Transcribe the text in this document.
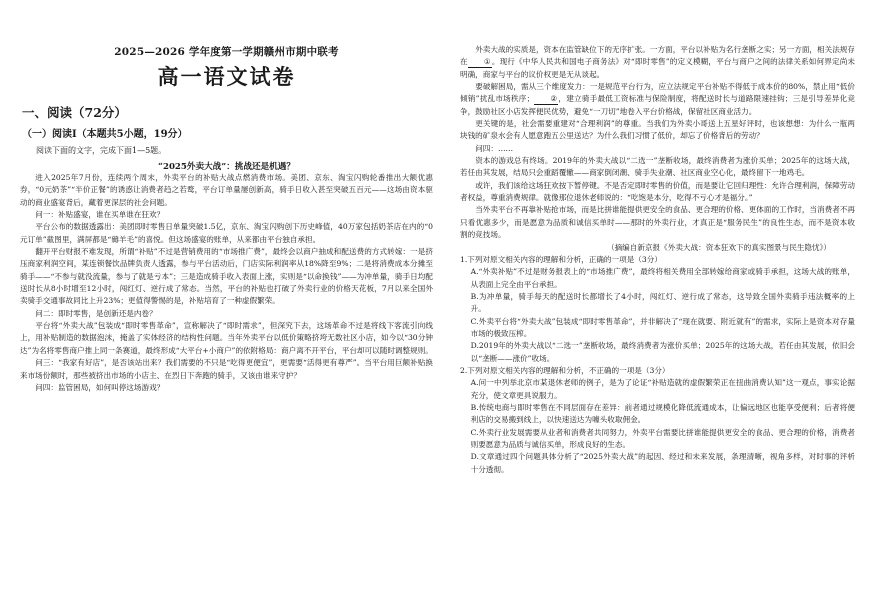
2025—2026 学年度第一学期赣州市期中联考
高一语文试卷
一、阅读（72分）
（一）阅读Ⅰ（本题共5小题，19分）
阅读下面的文字，完成下面1—5题。
“2025外卖大战”：挑战还是机遇？

进入2025年7月份，连续两个周末，外卖平台的补贴大战点燃消费市场。美团、京东、淘宝闪购轮番推出大额优惠券，“0元奶茶”“半价正餐”的诱惑让消费者趋之若鹜，平台订单量屡创新高，骑手日收入甚至突破五百元——这场由资本驱动的商业盛宴背后，藏着更深层的社会问题。

问一：补贴盛宴，谁在买单谁在狂欢？

平台公布的数据透露出：美团即时零售日单量突破1.5亿，京东、淘宝闪购创下历史峰值，40万家包括奶茶店在内的“0元订单”截图里，满屏都是“薅羊毛”的喜悦。但这场盛宴的账单，从来都由平台独自承担。

翻开平台财报不难发现，所谓“补贴”不过是营销费用的“市场推广费”，最终会以商户抽成和配送费的方式转嫁：一是挤压商家利润空间，某连锁餐饮品牌负责人透露，参与平台活动后，门店实际利润率从18%降至9%；二是将消费成本分摊至骑手——“不参与就没流量，参与了就是亏本”；三是造成骑手收入表面上涨，实则是“以命换钱”——为冲单量，骑手日均配送时长从8小时增至12小时，闯红灯、逆行成了常态。当然，平台的补贴也打破了外卖行业的价格天花板，7月以来全国外卖骑手交通事故同比上升23%；更值得警惕的是，补贴培育了一种虚假繁荣。

问二：即时零售，是创新还是内卷？

平台将“外卖大战”包装成“即时零售革命”，宣称解决了“即时需求”，但深究下去，这场革命不过是将线下客流引向线上，用补贴制造的数据泡沫，掩盖了实体经济的结构性问题。当年外卖平台以低价策略挤垮无数社区小店，如今以“30分钟达”为名将零售商户推上同一条赛道，最终形成“大平台+小商户”的依附格局：商户离不开平台，平台却可以随时调整规则。

问三：“我家有好店”，是否该站出来？我们需要的不只是“吃得更便宜”，更需要“活得更有尊严”。当平台用巨额补贴换来市场份额时，那些被挤出市场的小店主、在烈日下奔跑的骑手，又该由谁来守护？

问四：监管困局，如何叫停这场游戏？

外卖大战的实质是，资本在监管缺位下的无序扩张。一方面，平台以补贴为名行垄断之实；另一方面，相关法规存在 ①。现行《中华人民共和国电子商务法》对“即时零售”的定义模糊，平台与商户之间的法律关系如何界定尚未明确，商家与平台的议价权更是无从谈起。

要破解困局，需从三个维度发力：一是规范平台行为，应立法规定平台补贴不得低于成本价的80%，禁止用“低价倾销”扰乱市场秩序； ②，建立骑手最低工资标准与保险制度，将配送时长与道路限速挂钩；三是引导差异化竞争，鼓励社区小店发挥便民优势，避免“一刀切”地卷入平台价格战，保留社区商业活力。

更关键的是，社会需要重建对“合理利润”的尊重。当我们为外卖小哥送上五星好评时，也该想想：为什么一瓶两块钱的矿泉水会有人愿意跑五公里送达？为什么我们习惯了低价，却忘了价格背后的劳动？

问四：……

资本的游戏总有终场。2019年的外卖大战以“二选一”垄断收场，最终消费者为涨价买单；2025年的这场大战，若任由其发展，结局只会重蹈覆辙——商家倒闭潮、骑手失业潮、社区商业空心化，最终留下一地鸡毛。

或许，我们该给这场狂欢按下暂停键。不是否定即时零售的价值，而是要让它回归理性：允许合理利润，保障劳动者权益，尊重消费规律。就像那位退休老师说的：“吃饱是本分，吃得不亏心才是福分。”

当外卖平台不再靠补贴抢市场，而是比拼谁能提供更安全的食品、更合理的价格、更体面的工作时，当消费者不再只看优惠多少，而是愿意为品质和诚信买单时——那时的外卖行业，才真正是“服务民生”的良性生态，而不是资本收割的竞技场。

（摘编自新京报《外卖大战：资本狂欢下的真实图景与民生隐忧》）

1.下列对原文相关内容的理解和分析，正确的一项是（3分）

A.“外卖补贴”不过是财务报表上的“市场推广费”，最终将相关费用全部转嫁给商家或骑手承担，这场大战的账单，从表面上完全由平台承担。

B.为冲单量，骑手每天的配送时长都增长了4小时，闯红灯、逆行成了常态，这导致全国外卖骑手违法概率的上升。

C.外卖平台将“外卖大战”包装成“即时零售革命”，并非解决了“现在就要、附近就有”的需求，实际上是资本对存量市场的极致压榨。

D.2019年的外卖大战以“二选一”垄断收场，最终消费者为涨价买单；2025年的这场大战，若任由其发展，依旧会以“垄断——涨价”收场。

2.下列对原文相关内容的理解和分析，不正确的一项是（3分）

A.问一中列举北京市某退休老师的例子，是为了论证“补贴造就的虚假繁荣正在扭曲消费认知”这一观点，事实论据充分，使文章更具说服力。

B.传统电商与即时零售在不同层面存在差异：前者通过规模化降低流通成本，让偏远地区也能享受便利；后者将便利店的交易搬到线上，以快速送达为噱头收取佣金。

C.外卖行业发展需要从业者和消费者共同努力，外卖平台需要比拼谁能提供更安全的食品、更合理的价格，消费者则要愿意为品质与诚信买单，形成良好的生态。

D.文章通过四个问题具体分析了“2025外卖大战”的起因、经过和未来发展，条理清晰，视角多样，对时事的评析十分透彻。
